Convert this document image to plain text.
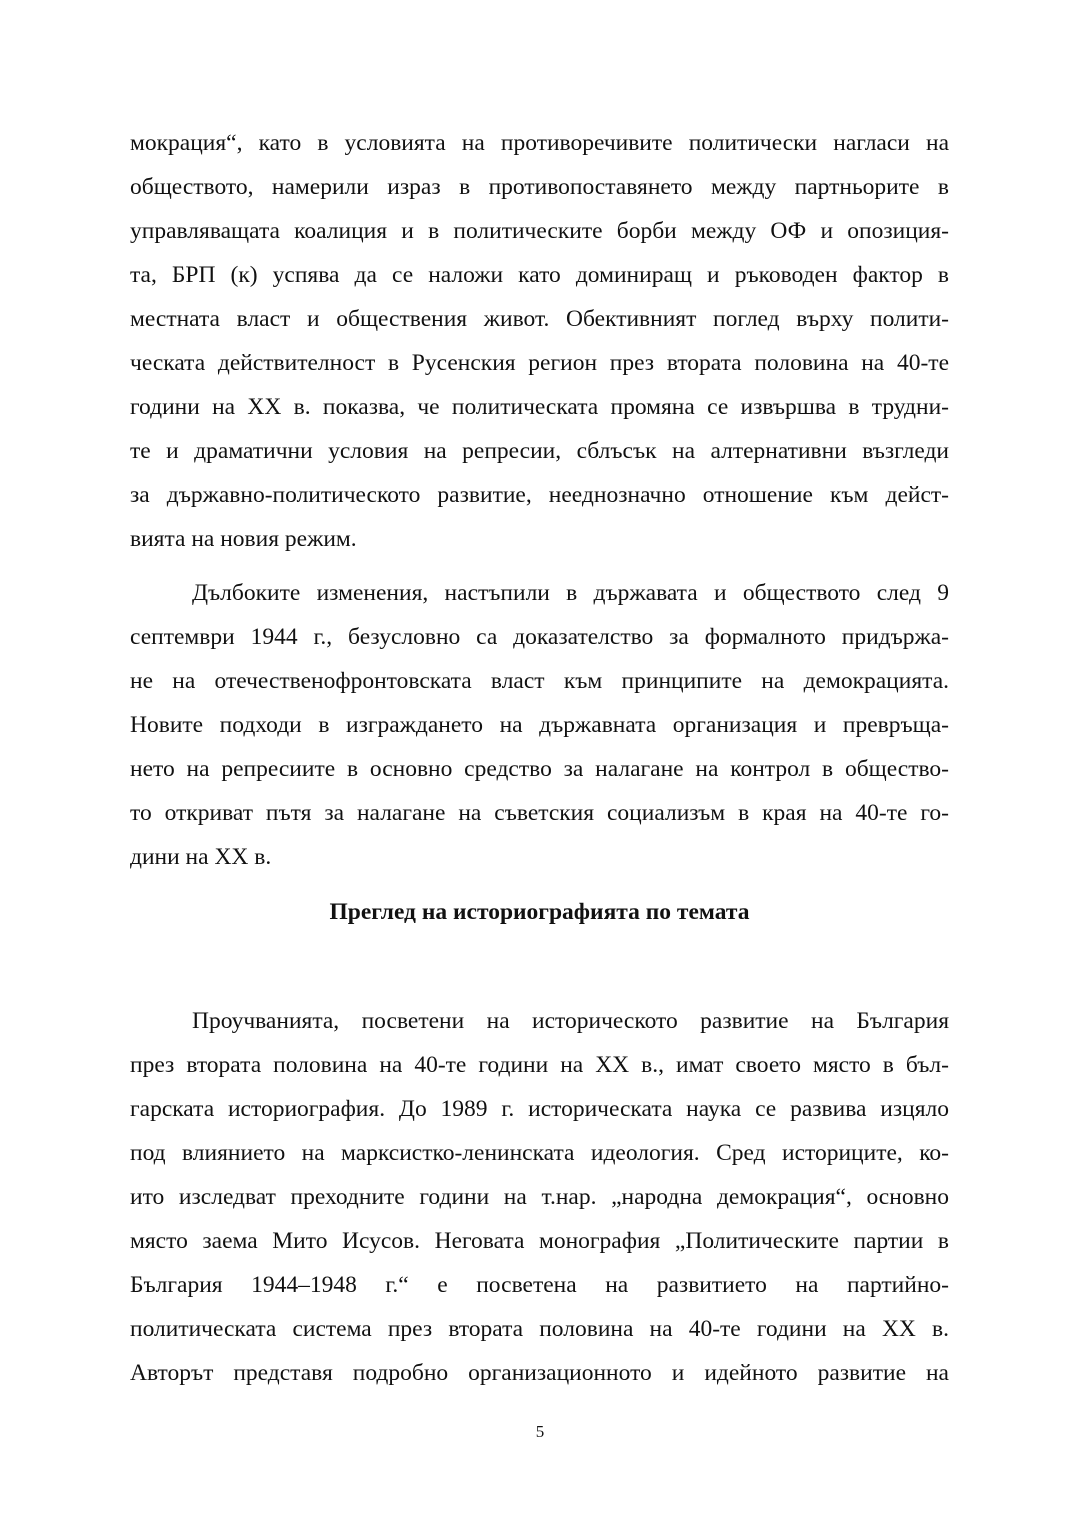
мокрация“, като в условията на противоречивите политически нагласи на
обществото, намерили израз в противопоставянето между партньорите в
управляващата коалиция и в политическите борби между ОФ и опозиция-
та, БРП (к) успява да се наложи като доминиращ и ръководен фактор в
местната власт и обществения живот. Обективният поглед върху полити-
ческата действителност в Русенския регион през втората половина на 40-те
години на ХХ в. показва, че политическата промяна се извършва в трудни-
те и драматични условия на репресии, сблъсък на алтернативни възгледи
за държавно-политическото развитие, нееднозначно отношение към дейст-
вията на новия режим.
Дълбоките изменения, настъпили в държавата и обществото след 9
септември 1944 г., безусловно са доказателство за формалното придържа-
не на отечественофронтовската власт към принципите на демокрацията.
Новите подходи в изграждането на държавната организация и превръща-
нето на репресиите в основно средство за налагане на контрол в общество-
то откриват пътя за налагане на съветския социализъм в края на 40-те го-
дини на ХХ в.
Преглед на историографията по темата
Проучванията, посветени на историческото развитие на България
през втората половина на 40-те години на ХХ в., имат своето място в бъл-
гарската историография. До 1989 г. историческата наука се развива изцяло
под влиянието на марксистко-ленинската идеология. Сред историците, ко-
ито изследват преходните години на т.нар. „народна демокрация“, основно
място заема Мито Исусов. Неговата монография „Политическите партии в
България 1944–1948 г.“ е посветена на развитието на партийно-
политическата система през втората половина на 40-те години на ХХ в.
Авторът представя подробно организационното и идейното развитие на
5
